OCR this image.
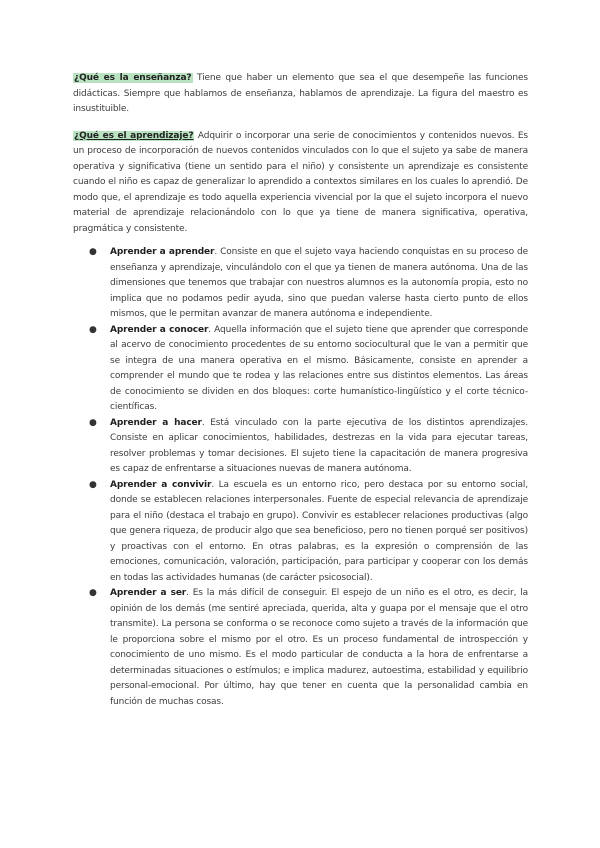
¿Qué es la enseñanza? Tiene que haber un elemento que sea el que desempeñe las funciones didácticas. Siempre que hablamos de enseñanza, hablamos de aprendizaje. La figura del maestro es insustituible.

¿Qué es el aprendizaje? Adquirir o incorporar una serie de conocimientos y contenidos nuevos. Es un proceso de incorporación de nuevos contenidos vinculados con lo que el sujeto ya sabe de manera operativa y significativa (tiene un sentido para el niño) y consistente un aprendizaje es consistente cuando el niño es capaz de generalizar lo aprendido a contextos similares en los cuales lo aprendió. De modo que, el aprendizaje es todo aquella experiencia vivencial por la que el sujeto incorpora el nuevo material de aprendizaje relacionándolo con lo que ya tiene de manera significativa, operativa, pragmática y consistente.

● Aprender a aprender. Consiste en que el sujeto vaya haciendo conquistas en su proceso de enseñanza y aprendizaje, vinculándolo con el que ya tienen de manera autónoma. Una de las dimensiones que tenemos que trabajar con nuestros alumnos es la autonomía propia, esto no implica que no podamos pedir ayuda, sino que puedan valerse hasta cierto punto de ellos mismos, que le permitan avanzar de manera autónoma e independiente.
● Aprender a conocer. Aquella información que el sujeto tiene que aprender que corresponde al acervo de conocimiento procedentes de su entorno sociocultural que le van a permitir que se integra de una manera operativa en el mismo. Básicamente, consiste en aprender a comprender el mundo que te rodea y las relaciones entre sus distintos elementos. Las áreas de conocimiento se dividen en dos bloques: corte humanístico-lingüístico y el corte técnico-científicas.
● Aprender a hacer. Está vinculado con la parte ejecutiva de los distintos aprendizajes. Consiste en aplicar conocimientos, habilidades, destrezas en la vida para ejecutar tareas, resolver problemas y tomar decisiones. El sujeto tiene la capacitación de manera progresiva es capaz de enfrentarse a situaciones nuevas de manera autónoma.
● Aprender a convivir. La escuela es un entorno rico, pero destaca por su entorno social, donde se establecen relaciones interpersonales. Fuente de especial relevancia de aprendizaje para el niño (destaca el trabajo en grupo). Convivir es establecer relaciones productivas (algo que genera riqueza, de producir algo que sea beneficioso, pero no tienen porqué ser positivos) y proactivas con el entorno. En otras palabras, es la expresión o comprensión de las emociones, comunicación, valoración, participación, para participar y cooperar con los demás en todas las actividades humanas (de carácter psicosocial).
● Aprender a ser. Es la más difícil de conseguir. El espejo de un niño es el otro, es decir, la opinión de los demás (me sentiré apreciada, querida, alta y guapa por el mensaje que el otro transmite). La persona se conforma o se reconoce como sujeto a través de la información que le proporciona sobre el mismo por el otro. Es un proceso fundamental de introspección y conocimiento de uno mismo. Es el modo particular de conducta a la hora de enfrentarse a determinadas situaciones o estímulos; e implica madurez, autoestima, estabilidad y equilibrio personal-emocional. Por último, hay que tener en cuenta que la personalidad cambia en función de muchas cosas.
